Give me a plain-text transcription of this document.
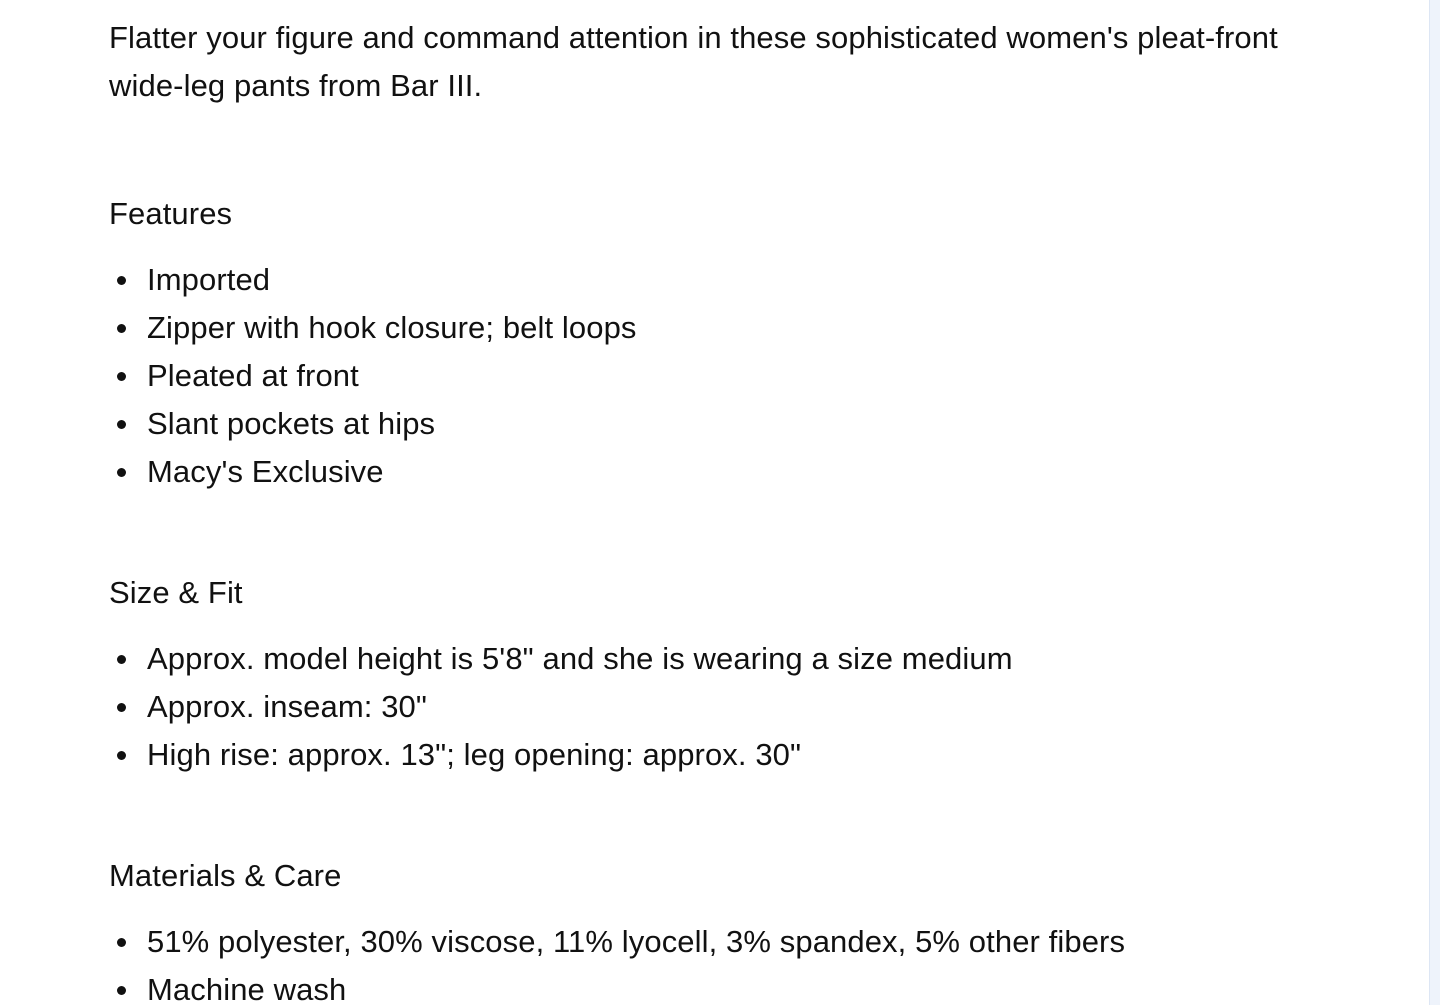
Flatter your figure and command attention in these sophisticated women's pleat-front wide-leg pants from Bar III.

Features
Imported
Zipper with hook closure; belt loops
Pleated at front
Slant pockets at hips
Macy's Exclusive
Size & Fit
Approx. model height is 5'8" and she is wearing a size medium
Approx. inseam: 30"
High rise: approx. 13"; leg opening: approx. 30"
Materials & Care
51% polyester, 30% viscose, 11% lyocell, 3% spandex, 5% other fibers
Machine wash
